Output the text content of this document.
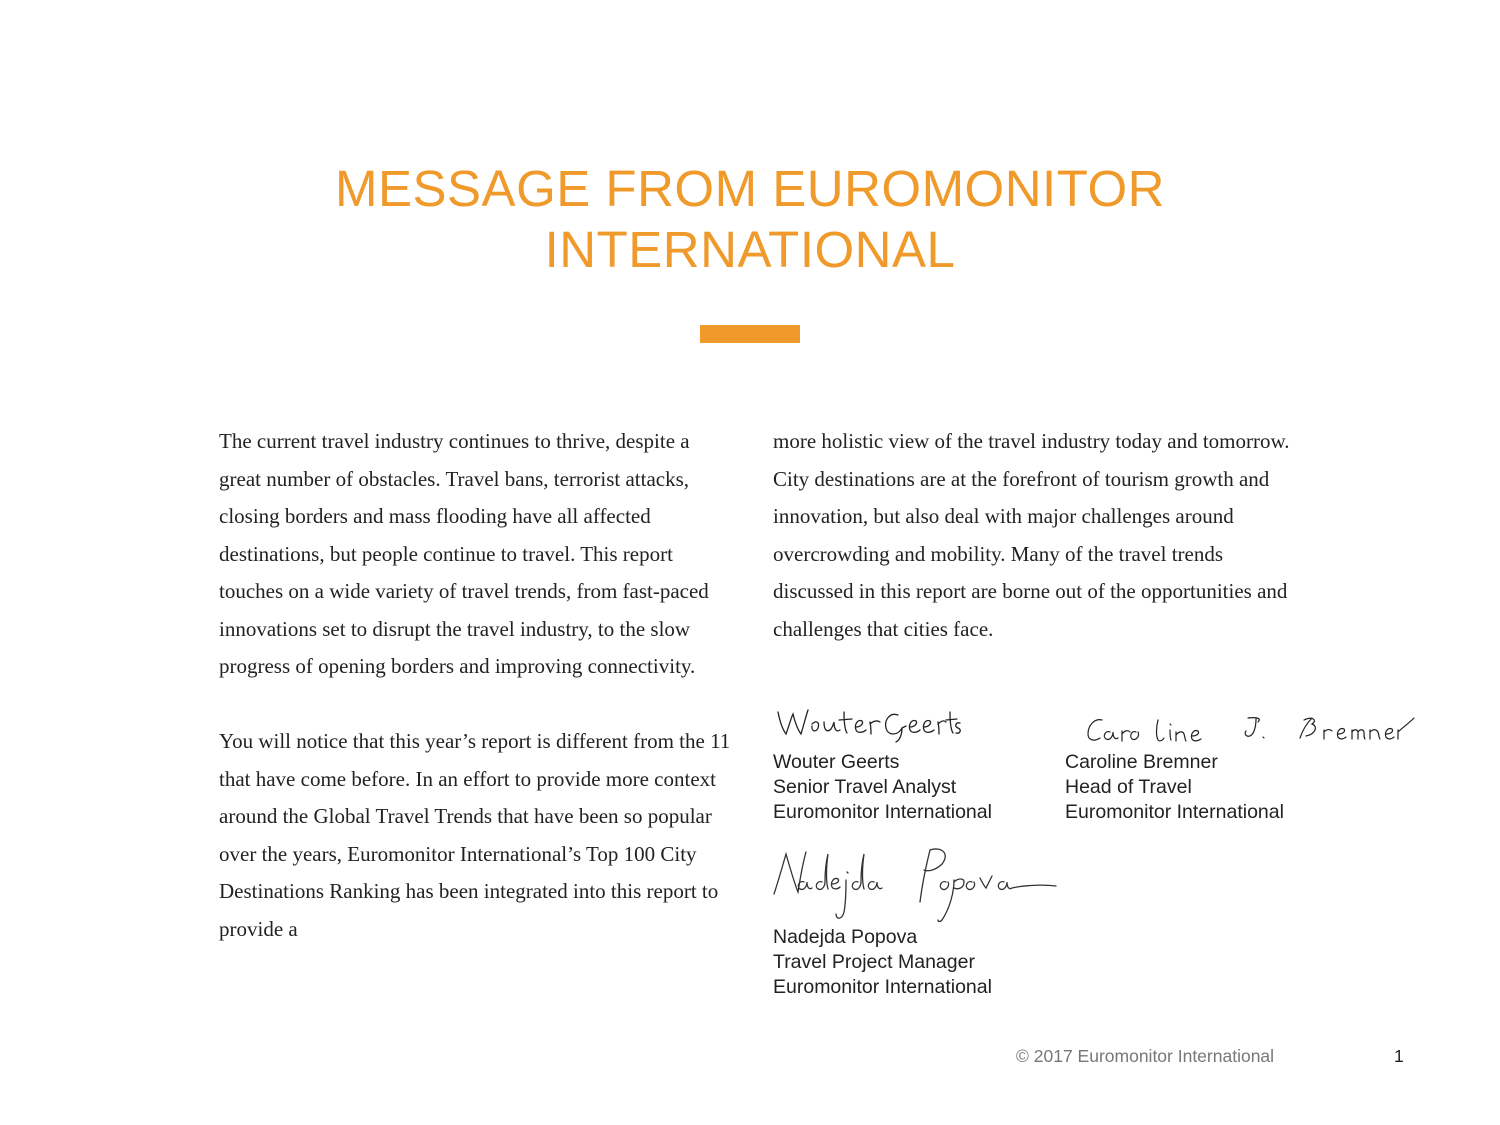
MESSAGE FROM EUROMONITOR
INTERNATIONAL

The current travel industry continues to thrive, despite a great number of obstacles. Travel bans, terrorist attacks, closing borders and mass flooding have all affected destinations, but people continue to travel. This report touches on a wide variety of travel trends, from fast-paced innovations set to disrupt the travel industry, to the slow progress of opening borders and improving connectivity.

You will notice that this year’s report is different from the 11 that have come before. In an effort to provide more context around the Global Travel Trends that have been so popular over the years, Euromonitor International’s Top 100 City Destinations Ranking has been integrated into this report to provide a

more holistic view of the travel industry today and tomorrow. City destinations are at the forefront of tourism growth and innovation, but also deal with major challenges around overcrowding and mobility. Many of the travel trends discussed in this report are borne out of the opportunities and challenges that cities face.

Wouter Geerts
Senior Travel Analyst
Euromonitor International
Caroline Bremner
Head of Travel
Euromonitor International
Nadejda Popova
Travel Project Manager
Euromonitor International
© 2017 Euromonitor International	1
